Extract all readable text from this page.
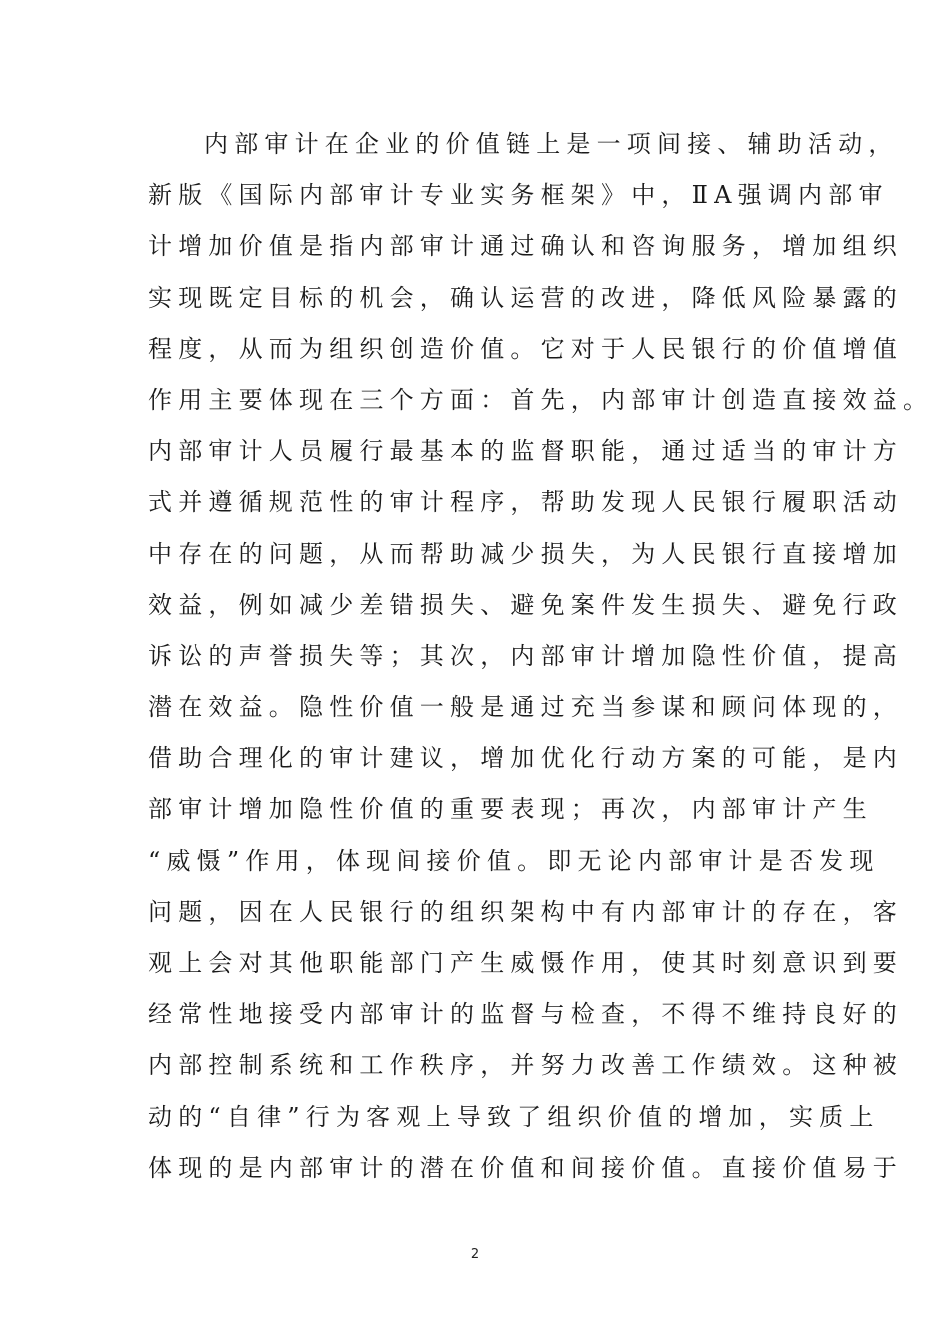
内部审计在企业的价值链上是一项间接、辅助活动，
新版《国际内部审计专业实务框架》中，ⅡA强调内部审
计增加价值是指内部审计通过确认和咨询服务，增加组织
实现既定目标的机会，确认运营的改进，降低风险暴露的
程度，从而为组织创造价值。它对于人民银行的价值增值
作用主要体现在三个方面：首先，内部审计创造直接效益。
内部审计人员履行最基本的监督职能，通过适当的审计方
式并遵循规范性的审计程序，帮助发现人民银行履职活动
中存在的问题，从而帮助减少损失，为人民银行直接增加
效益，例如减少差错损失、避免案件发生损失、避免行政
诉讼的声誉损失等；其次，内部审计增加隐性价值，提高
潜在效益。隐性价值一般是通过充当参谋和顾问体现的，
借助合理化的审计建议，增加优化行动方案的可能，是内
部审计增加隐性价值的重要表现；再次，内部审计产生
“威慑”作用，体现间接价值。即无论内部审计是否发现
问题，因在人民银行的组织架构中有内部审计的存在，客
观上会对其他职能部门产生威慑作用，使其时刻意识到要
经常性地接受内部审计的监督与检查，不得不维持良好的
内部控制系统和工作秩序，并努力改善工作绩效。这种被
动的“自律”行为客观上导致了组织价值的增加，实质上
体现的是内部审计的潜在价值和间接价值。直接价值易于
2
